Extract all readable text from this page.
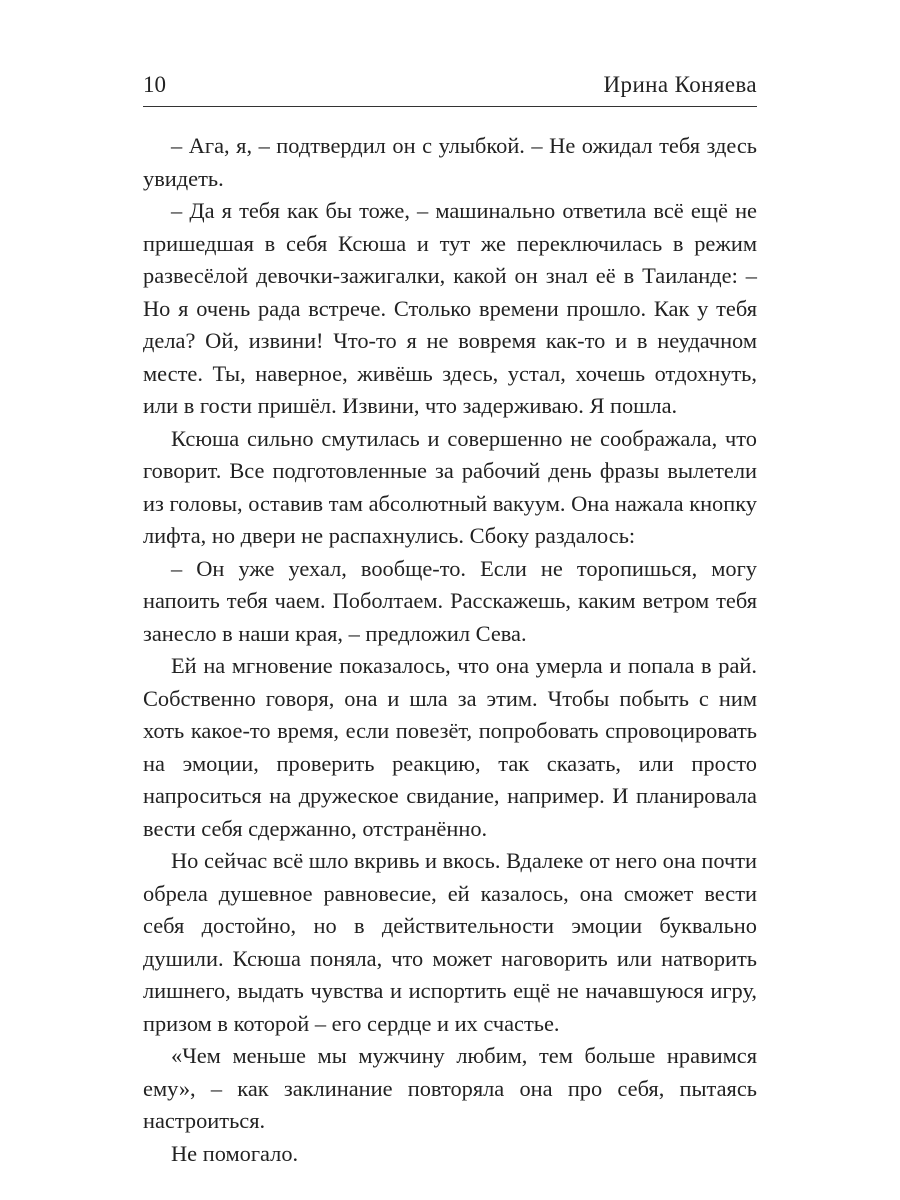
10	Ирина Коняева

– Ага, я, – подтвердил он с улыбкой. – Не ожидал тебя здесь увидеть.

– Да я тебя как бы тоже, – машинально ответила всё ещё не пришедшая в себя Ксюша и тут же переключилась в режим развесёлой девочки-зажигалки, какой он знал её в Таиланде: – Но я очень рада встрече. Столько времени прошло. Как у тебя дела? Ой, извини! Что-то я не вовремя как-то и в неудачном месте. Ты, наверное, живёшь здесь, устал, хочешь отдохнуть, или в гости пришёл. Извини, что задерживаю. Я пошла.

Ксюша сильно смутилась и совершенно не соображала, что говорит. Все подготовленные за рабочий день фразы вылетели из головы, оставив там абсолютный вакуум. Она нажала кнопку лифта, но двери не распахнулись. Сбоку раздалось:

– Он уже уехал, вообще-то. Если не торопишься, могу напоить тебя чаем. Поболтаем. Расскажешь, каким ветром тебя занесло в наши края, – предложил Сева.

Ей на мгновение показалось, что она умерла и попала в рай. Собственно говоря, она и шла за этим. Чтобы побыть с ним хоть какое-то время, если повезёт, попробовать спровоцировать на эмоции, проверить реакцию, так сказать, или просто напроситься на дружеское свидание, например. И планировала вести себя сдержанно, отстранённо.

Но сейчас всё шло вкривь и вкось. Вдалеке от него она почти обрела душевное равновесие, ей казалось, она сможет вести себя достойно, но в действительности эмоции буквально душили. Ксюша поняла, что может наговорить или натворить лишнего, выдать чувства и испортить ещё не начавшуюся игру, призом в которой – его сердце и их счастье.

«Чем меньше мы мужчину любим, тем больше нравимся ему», – как заклинание повторяла она про себя, пытаясь настроиться.

Не помогало.
